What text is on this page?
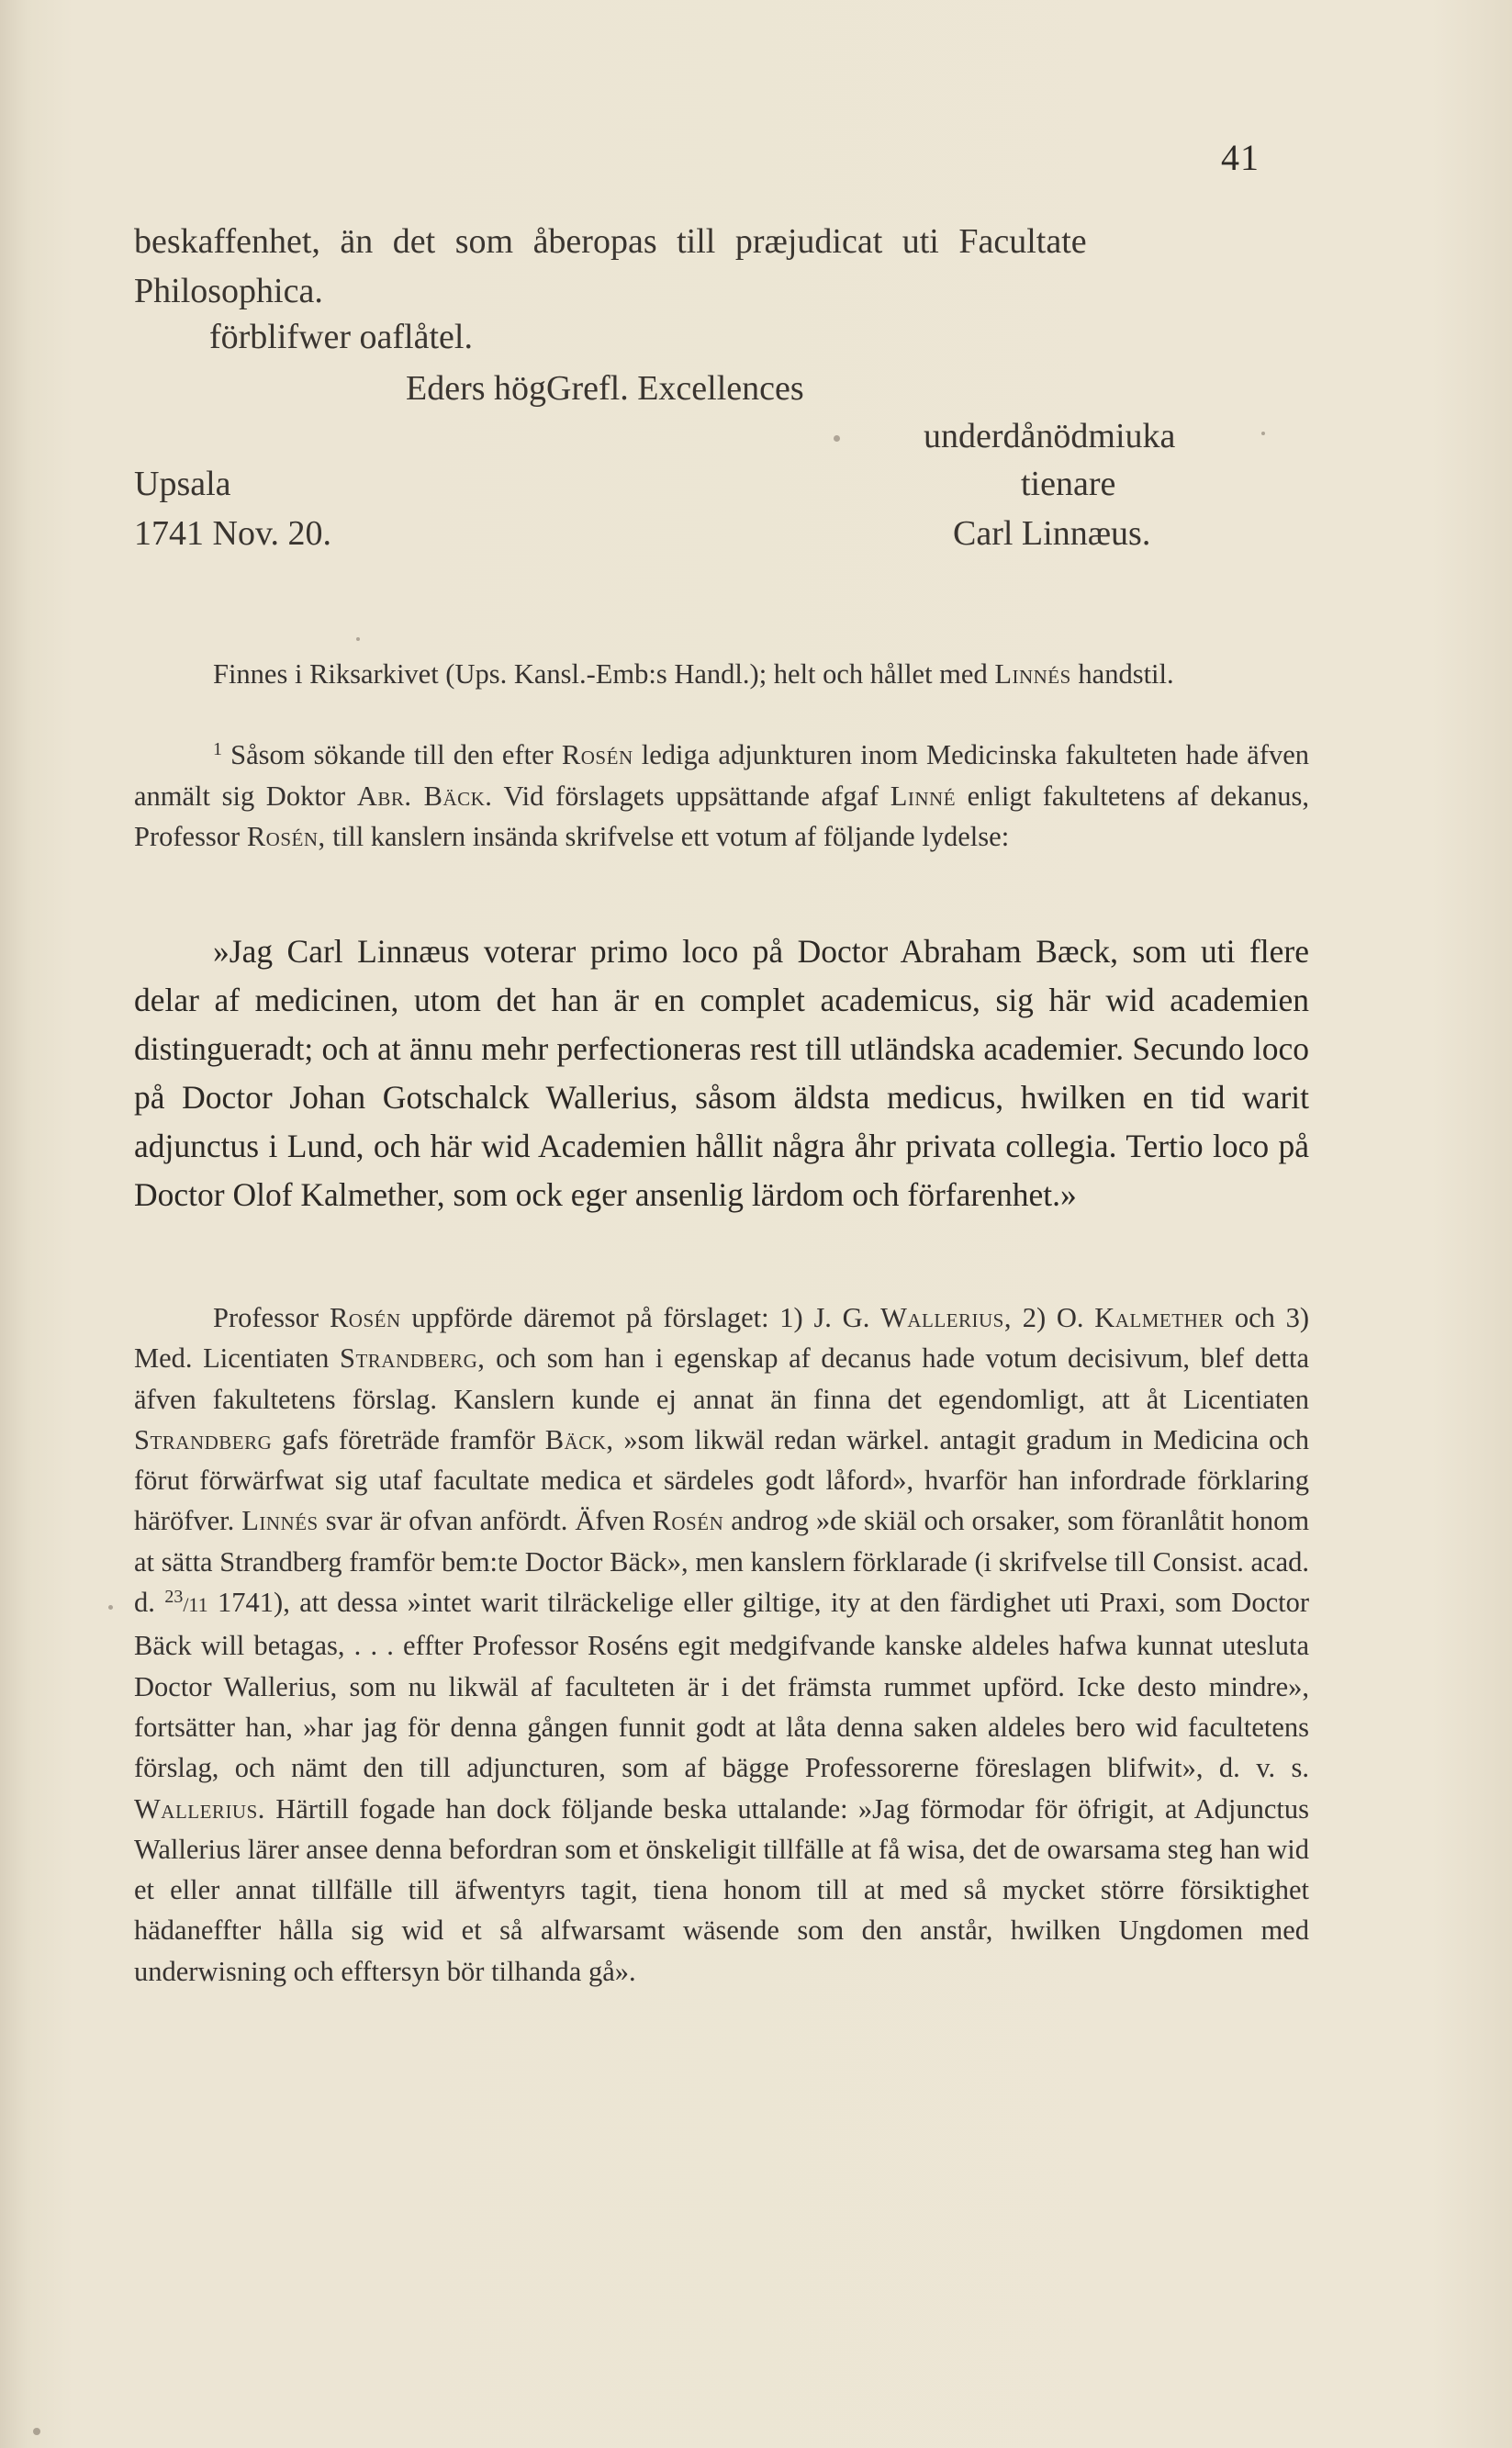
41
beskaffenhet, än det som åberopas till præjudicat uti Facultate
Philosophica.
förblifwer oaflåtel.
Eders högGrefl. Excellences
underdånödmiuka
Upsala	tienare
1741 Nov. 20.	Carl Linnæus.

Finnes i Riksarkivet (Ups. Kansl.-Emb:s Handl.); helt och hållet med Linnés handstil.

$^1$ Såsom sökande till den efter Rosén lediga adjunkturen inom Medicinska fakulteten hade äfven anmält sig Doktor Abr. Bäck. Vid förslagets uppsättande afgaf Linné enligt fakultetens af dekanus, Professor Rosén, till kanslern insända skrifvelse ett votum af följande lydelse:

»Jag Carl Linnæus voterar primo loco på Doctor Abraham Bæck, som uti flere delar af medicinen, utom det han är en complet academicus, sig här wid academien distingueradt; och at ännu mehr perfectioneras rest till utländska academier. Secundo loco på Doctor Johan Gotschalck Wallerius, såsom äldsta medicus, hwilken en tid warit adjunctus i Lund, och här wid Academien hållit några åhr privata collegia. Tertio loco på Doctor Olof Kalmether, som ock eger ansenlig lärdom och förfarenhet.»

Professor Rosén uppförde däremot på förslaget: 1) J. G. Wallerius, 2) O. Kalmether och 3) Med. Licentiaten Strandberg, och som han i egenskap af decanus hade votum decisivum, blef detta äfven fakultetens förslag. Kanslern kunde ej annat än finna det egendomligt, att åt Licentiaten Strandberg gafs företräde framför Bäck, »som likwäl redan wärkel. antagit gradum in Medicina och förut förwärfwat sig utaf facultate medica et särdeles godt låford», hvarför han infordrade förklaring häröfver. Linnés svar är ofvan anfördt. Äfven Rosén androg »de skiäl och orsaker, som föranlåtit honom at sätta Strandberg framför bem:te Doctor Bäck», men kanslern förklarade (i skrifvelse till Consist. acad. d. $^{23}$/11 1741), att dessa »intet warit tilräckelige eller giltige, ity at den färdighet uti Praxi, som Doctor Bäck will betagas, . . . effter Professor Roséns egit medgifvande kanske aldeles hafwa kunnat utesluta Doctor Wallerius, som nu likwäl af faculteten är i det främsta rummet upförd. Icke desto mindre», fortsätter han, »har jag för denna gången funnit godt at låta denna saken aldeles bero wid facultetens förslag, och nämt den till adjuncturen, som af bägge Professorerne föreslagen blifwit», d. v. s. Wallerius. Härtill fogade han dock följande beska uttalande: »Jag förmodar för öfrigit, at Adjunctus Wallerius lärer ansee denna befordran som et önskeligit tillfälle at få wisa, det de owarsama steg han wid et eller annat tillfälle till äfwentyrs tagit, tiena honom till at med så mycket större försiktighet hädaneffter hålla sig wid et så alfwarsamt wäsende som den anstår, hwilken Ungdomen med underwisning och efftersyn bör tilhanda gå».
